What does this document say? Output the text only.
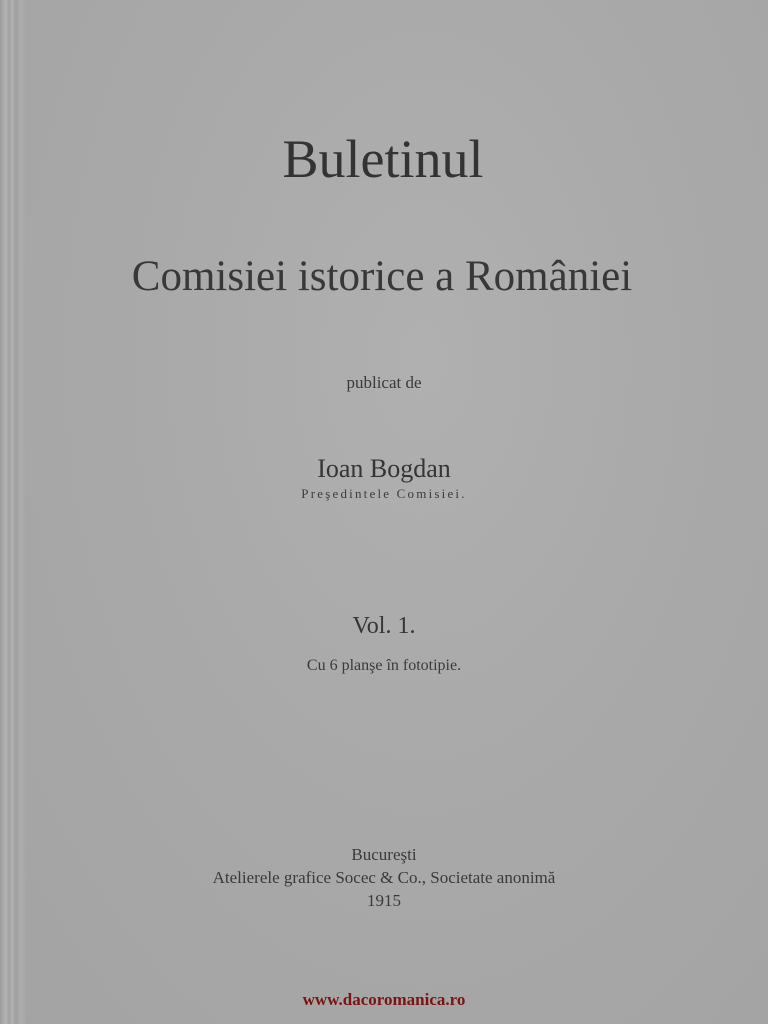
Buletinul
Comisiei istorice a României
publicat de
Ioan Bogdan
Preşedintele Comisiei.
Vol. 1.
Cu 6 planşe în fototipie.
Bucureşti
Atelierele grafice Socec & Co., Societate anonimă
1915
www.dacoromanica.ro
